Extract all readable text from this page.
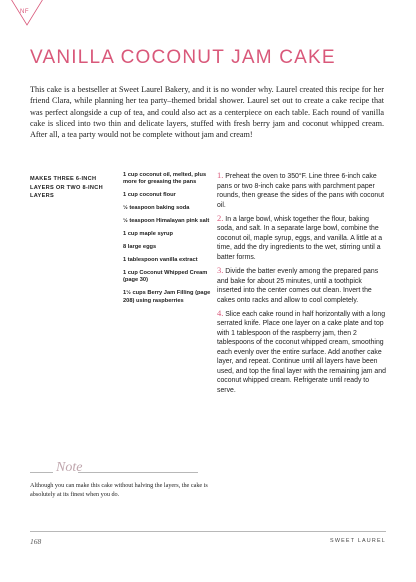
NF
VANILLA COCONUT JAM CAKE

This cake is a bestseller at Sweet Laurel Bakery, and it is no wonder why. Laurel created this recipe for her friend Clara, while planning her tea party–themed bridal shower. Laurel set out to create a cake recipe that was perfect alongside a cup of tea, and could also act as a centerpiece on each table. Each round of vanilla cake is sliced into two thin and delicate layers, stuffed with fresh berry jam and coconut whipped cream. After all, a tea party would not be complete without jam and cream!

MAKES THREE 6-INCH LAYERS OR TWO 8-INCH LAYERS

1 cup coconut oil, melted, plus more for greasing the pans
1 cup coconut flour
½ teaspoon baking soda
½ teaspoon Himalayan pink salt
1 cup maple syrup
8 large eggs
1 tablespoon vanilla extract
1 cup Coconut Whipped Cream (page 30)
1½ cups Berry Jam Filling (page 208) using raspberries
1. Preheat the oven to 350°F. Line three 6-inch cake pans or two 8-inch cake pans with parchment paper rounds, then grease the sides of the pans with coconut oil.
2. In a large bowl, whisk together the flour, baking soda, and salt. In a separate large bowl, combine the coconut oil, maple syrup, eggs, and vanilla. A little at a time, add the dry ingredients to the wet, stirring until a batter forms.
3. Divide the batter evenly among the prepared pans and bake for about 25 minutes, until a toothpick inserted into the center comes out clean. Invert the cakes onto racks and allow to cool completely.
4. Slice each cake round in half horizontally with a long serrated knife. Place one layer on a cake plate and top with 1 tablespoon of the raspberry jam, then 2 tablespoons of the coconut whipped cream, smoothing each evenly over the entire surface. Add another cake layer, and repeat. Continue until all layers have been used, and top the final layer with the remaining jam and coconut whipped cream. Refrigerate until ready to serve.
Note

Although you can make this cake without halving the layers, the cake is absolutely at its finest when you do.

168	SWEET LAUREL
